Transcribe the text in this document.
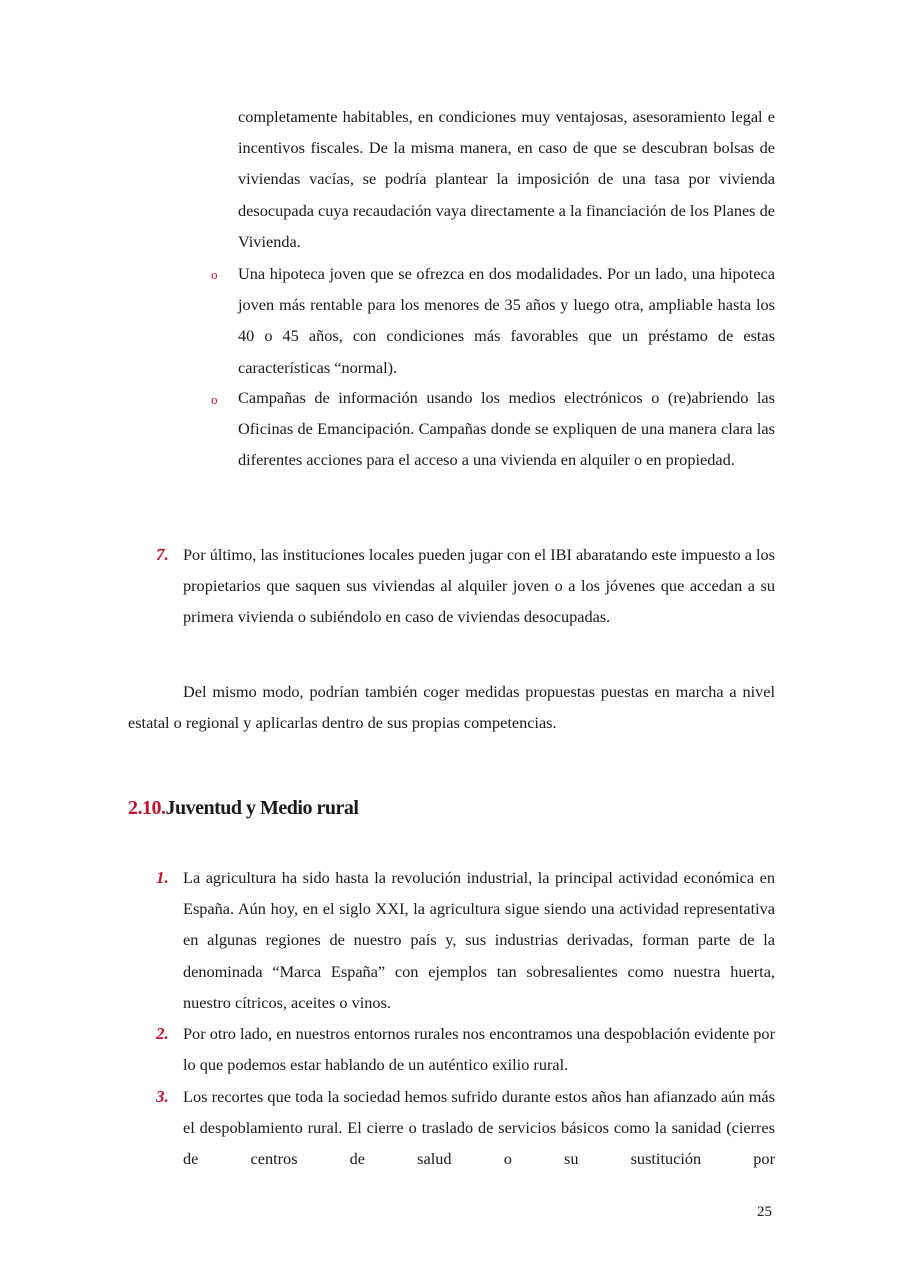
completamente habitables, en condiciones muy ventajosas, asesoramiento legal e incentivos fiscales. De la misma manera, en caso de que se descubran bolsas de viviendas vacías, se podría plantear la imposición de una tasa por vivienda desocupada cuya recaudación vaya directamente a la financiación de los Planes de Vivienda.
o Una hipoteca joven que se ofrezca en dos modalidades. Por un lado, una hipoteca joven más rentable para los menores de 35 años y luego otra, ampliable hasta los 40 o 45 años, con condiciones más favorables que un préstamo de estas características “normal).
o Campañas de información usando los medios electrónicos o (re)abriendo las Oficinas de Emancipación. Campañas donde se expliquen de una manera clara las diferentes acciones para el acceso a una vivienda en alquiler o en propiedad.
7. Por último, las instituciones locales pueden jugar con el IBI abaratando este impuesto a los propietarios que saquen sus viviendas al alquiler joven o a los jóvenes que accedan a su primera vivienda o subiéndolo en caso de viviendas desocupadas.
Del mismo modo, podrían también coger medidas propuestas puestas en marcha a nivel estatal o regional y aplicarlas dentro de sus propias competencias.
2.10.Juventud y Medio rural
1. La agricultura ha sido hasta la revolución industrial, la principal actividad económica en España. Aún hoy, en el siglo XXI, la agricultura sigue siendo una actividad representativa en algunas regiones de nuestro país y, sus industrias derivadas, forman parte de la denominada “Marca España” con ejemplos tan sobresalientes como nuestra huerta, nuestro cítricos, aceites o vinos.
2. Por otro lado, en nuestros entornos rurales nos encontramos una despoblación evidente por lo que podemos estar hablando de un auténtico exilio rural.
3. Los recortes que toda la sociedad hemos sufrido durante estos años han afianzado aún más el despoblamiento rural. El cierre o traslado de servicios básicos como la sanidad (cierres de centros de salud o su sustitución por
25
